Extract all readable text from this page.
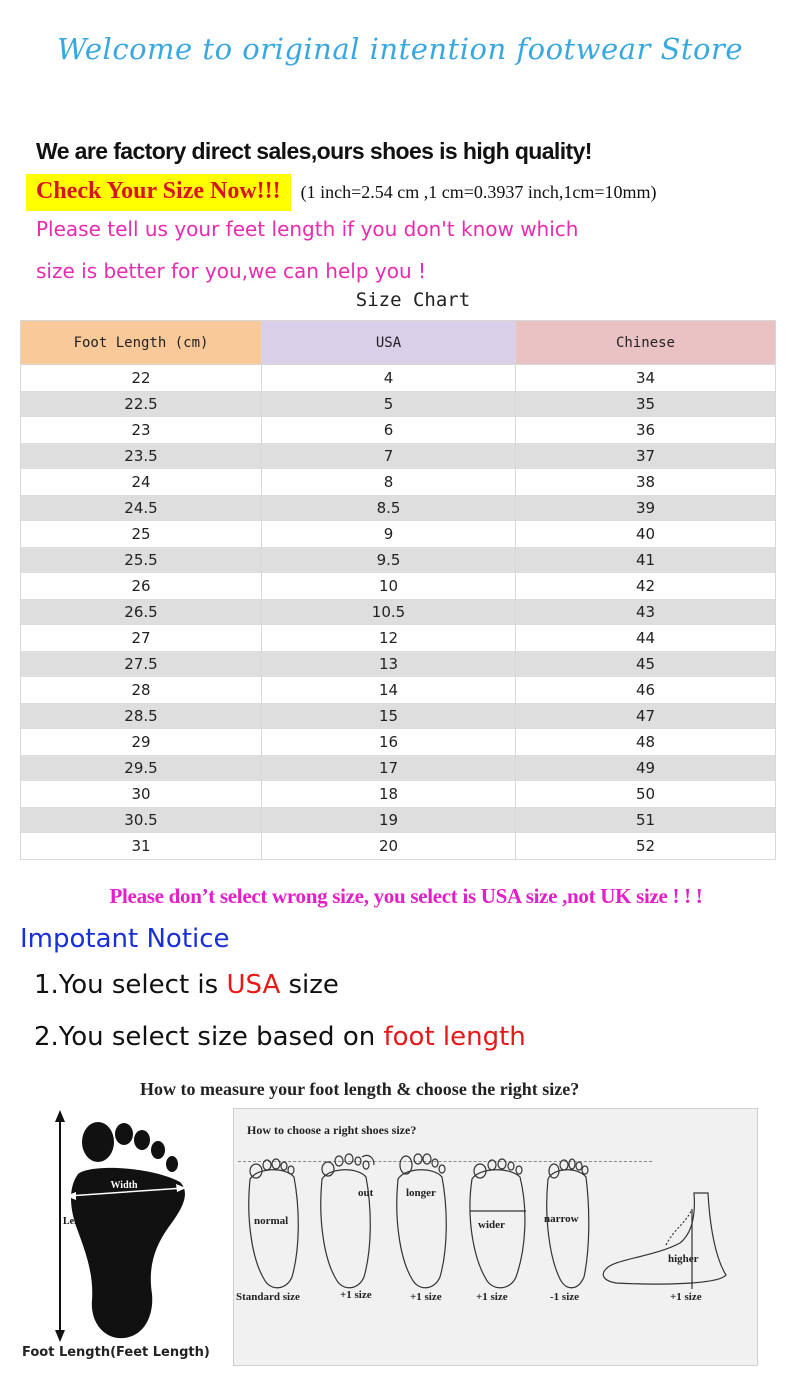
Welcome to original intention footwear Store
We are factory direct sales,ours shoes is high quality!
Check Your Size Now!!!	(1 inch=2.54 cm ,1 cm=0.3937 inch,1cm=10mm)
Please tell us your feet length if you don't know which
size is better for you,we can help you !
Size Chart
Foot Length (cm)	USA	Chinese
22	4	34
22.5	5	35
23	6	36
23.5	7	37
24	8	38
24.5	8.5	39
25	9	40
25.5	9.5	41
26	10	42
26.5	10.5	43
27	12	44
27.5	13	45
28	14	46
28.5	15	47
29	16	48
29.5	17	49
30	18	50
30.5	19	51
31	20	52
Please don’t select wrong size, you select is USA size ,not UK size ! ! !
Impotant Notice
1.You select is USA size
2.You select size based on foot length
How to measure your foot length & choose the right size?
Width
Length
Foot Length(Feet Length)
How to choose a right shoes size?
normal
out	longer
wider	narrow
higher
Standard size	+1 size	+1 size	+1 size	-1 size	+1 size
